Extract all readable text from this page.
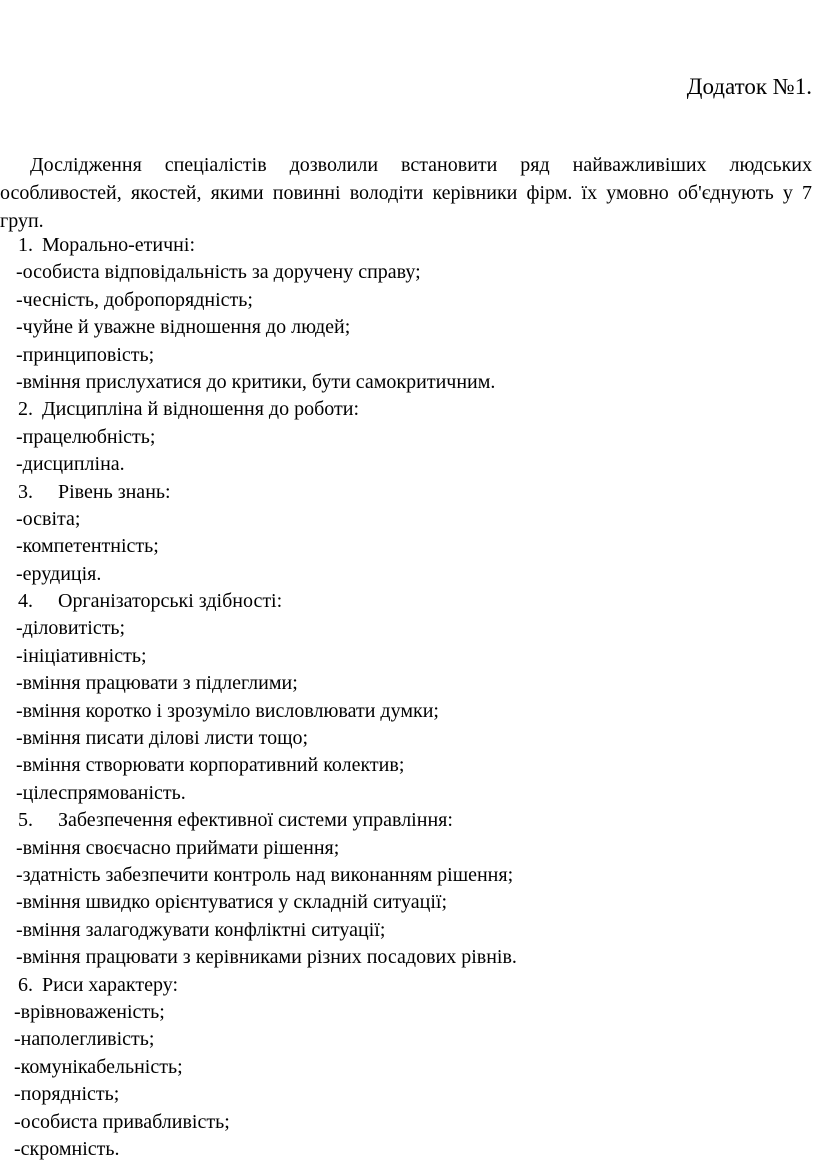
Додаток №1.

Дослідження спеціалістів дозволили встановити ряд найважливіших людських особливостей, якостей, якими повинні володіти керівники фірм. їх умовно об'єднують у 7 груп.

1. Морально-етичні:
-особиста відповідальність за доручену справу;
-чесність, добропорядність;
-чуйне й уважне відношення до людей;
-принциповість;
-вміння прислухатися до критики, бути самокритичним.
2. Дисципліна й відношення до роботи:
-працелюбність;
-дисципліна.
3. Рівень знань:
-освіта;
-компетентність;
-ерудиція.
4. Організаторські здібності:
-діловитість;
-ініціативність;
-вміння працювати з підлеглими;
-вміння коротко і зрозуміло висловлювати думки;
-вміння писати ділові листи тощо;
-вміння створювати корпоративний колектив;
-цілеспрямованість.
5. Забезпечення ефективної системи управління:
-вміння своєчасно приймати рішення;
-здатність забезпечити контроль над виконанням рішення;
-вміння швидко орієнтуватися у складній ситуації;
-вміння залагоджувати конфліктні ситуації;
-вміння працювати з керівниками різних посадових рівнів.
6. Риси характеру:
-врівноваженість;
-наполегливість;
-комунікабельність;
-порядність;
-особиста привабливість;
-скромність.
